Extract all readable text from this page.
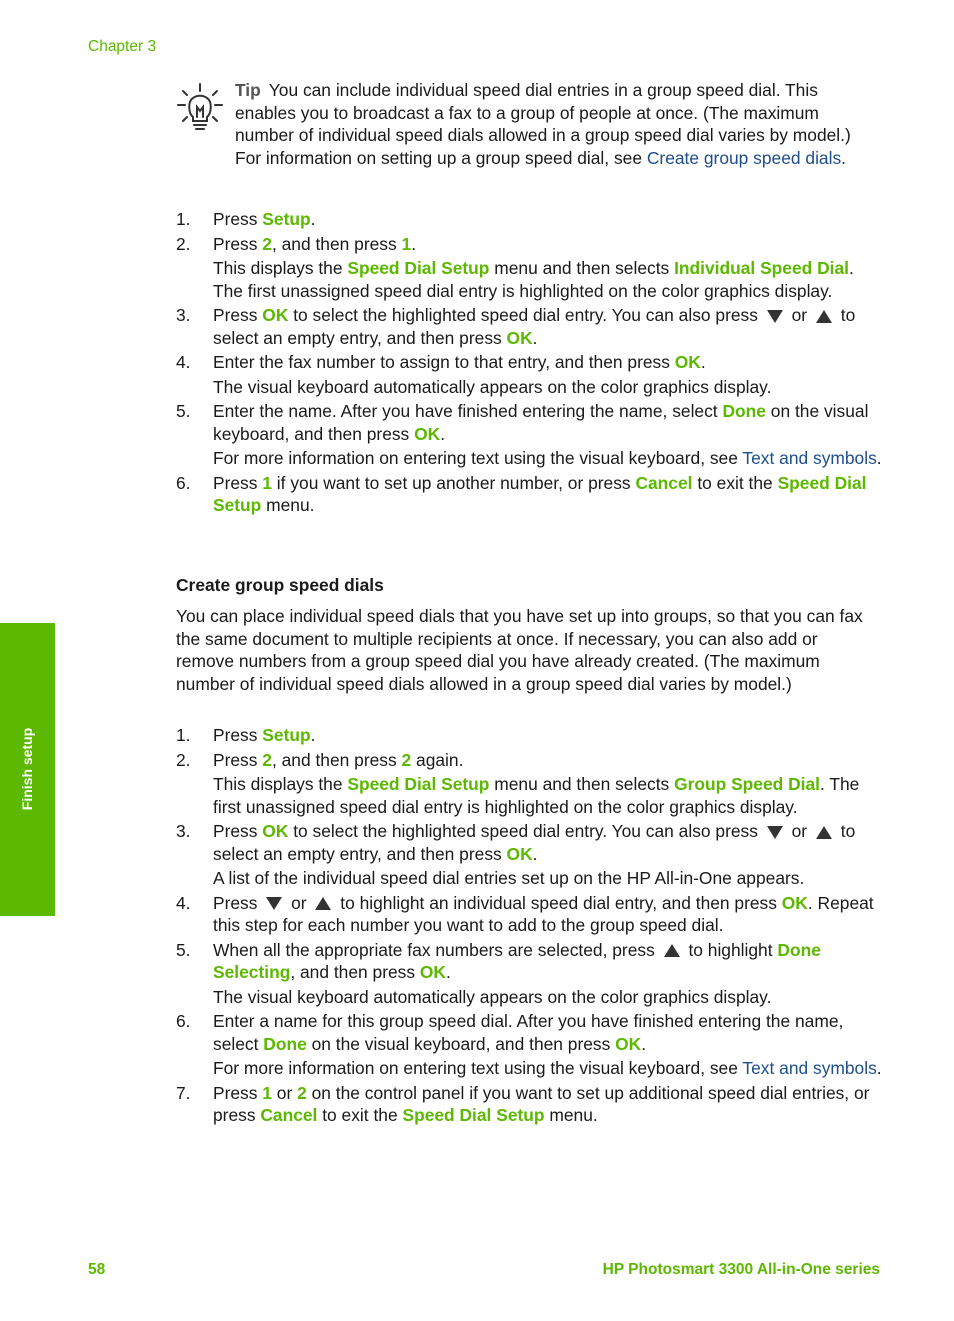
Chapter 3
Finish setup
Tip You can include individual speed dial entries in a group speed dial. This enables you to broadcast a fax to a group of people at once. (The maximum number of individual speed dials allowed in a group speed dial varies by model.) For information on setting up a group speed dial, see Create group speed dials.
1. Press Setup.

2. Press 2, and then press 1.

This displays the Speed Dial Setup menu and then selects Individual Speed Dial. The first unassigned speed dial entry is highlighted on the color graphics display.

3. Press OK to select the highlighted speed dial entry. You can also press  or  to select an empty entry, and then press OK.

4. Enter the fax number to assign to that entry, and then press OK.

The visual keyboard automatically appears on the color graphics display.

5. Enter the name. After you have finished entering the name, select Done on the visual keyboard, and then press OK.

For more information on entering text using the visual keyboard, see Text and symbols.

6. Press 1 if you want to set up another number, or press Cancel to exit the Speed Dial Setup menu.

Create group speed dials

You can place individual speed dials that you have set up into groups, so that you can fax the same document to multiple recipients at once. If necessary, you can also add or remove numbers from a group speed dial you have already created. (The maximum number of individual speed dials allowed in a group speed dial varies by model.)

1. Press Setup.

2. Press 2, and then press 2 again.

This displays the Speed Dial Setup menu and then selects Group Speed Dial. The first unassigned speed dial entry is highlighted on the color graphics display.

3. Press OK to select the highlighted speed dial entry. You can also press  or  to select an empty entry, and then press OK.

A list of the individual speed dial entries set up on the HP All-in-One appears.

4. Press  or  to highlight an individual speed dial entry, and then press OK. Repeat this step for each number you want to add to the group speed dial.

5. When all the appropriate fax numbers are selected, press  to highlight Done Selecting, and then press OK.

The visual keyboard automatically appears on the color graphics display.

6. Enter a name for this group speed dial. After you have finished entering the name, select Done on the visual keyboard, and then press OK.

For more information on entering text using the visual keyboard, see Text and symbols.

7. Press 1 or 2 on the control panel if you want to set up additional speed dial entries, or press Cancel to exit the Speed Dial Setup menu.

58	HP Photosmart 3300 All-in-One series
